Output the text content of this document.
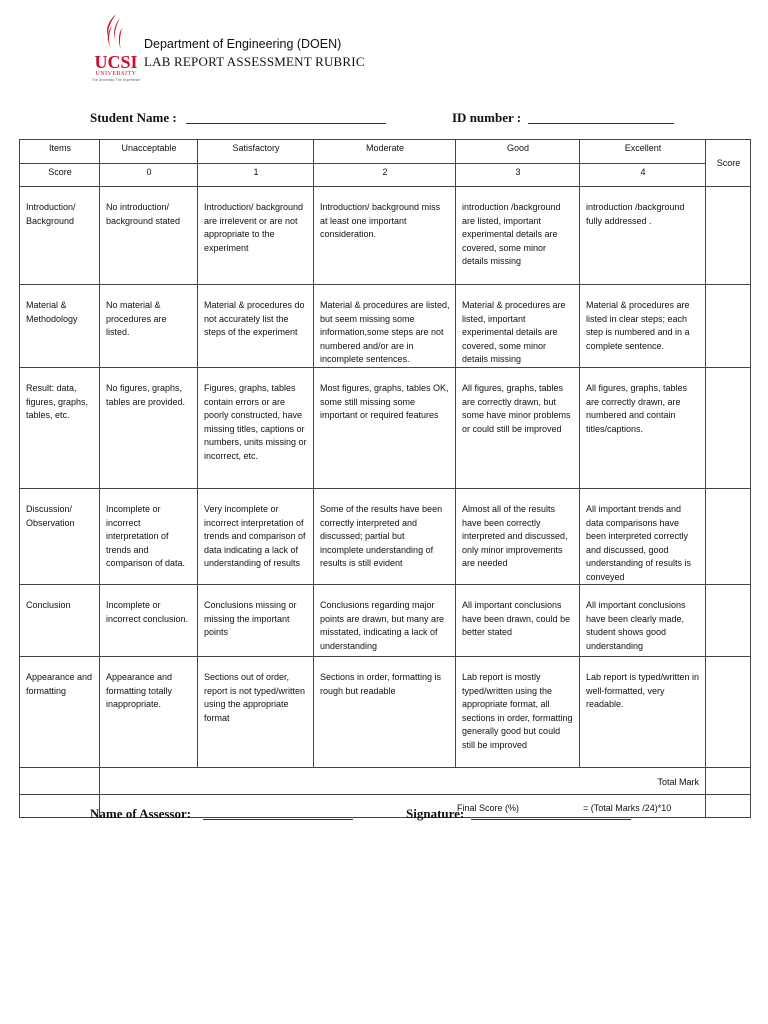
UCSI
UNIVERSITY
The University. The Experience
Department of Engineering (DOEN)
LAB REPORT ASSESSMENT RUBRIC
Student Name :	ID number :
Items	Unacceptable	Satisfactory	Moderate	Good	Excellent	Score
Score	0	1	2	3	4	
Introduction/ Background	No introduction/ background stated	Introduction/ background are irrelevent or are not appropriate to the experiment	Introduction/ background miss at least one important consideration.	introduction /background are listed, important experimental details are covered, some minor details missing	introduction /background fully addressed .	
Material & Methodology	No material & procedures are listed.	Material & procedures do not accurately list the steps of the experiment	Material & procedures are listed, but seem missing some information,some steps are not numbered and/or are in incomplete sentences.	Material & procedures are listed, important experimental details are covered, some minor details missing	Material & procedures are listed in clear steps; each step is numbered and in a complete sentence.	
Result: data, figures, graphs, tables, etc.	No figures, graphs, tables are provided.	Figures, graphs, tables contain errors or are poorly constructed, have missing titles, captions or numbers, units missing or incorrect, etc.	Most figures, graphs, tables OK, some still missing some important or required features	All figures, graphs, tables are correctly drawn, but some have minor problems or could still be improved	All figures, graphs, tables are correctly drawn, are numbered and contain titles/captions.	
Discussion/ Observation	Incomplete or incorrect interpretation of trends and comparison of data.	Very incomplete or incorrect interpretation of trends and comparison of data indicating a lack of understanding of results	Some of the results have been correctly interpreted and discussed; partial but incomplete understanding of results is still evident	Almost all of the results have been correctly interpreted and discussed, only minor improvements are needed	All important trends and data comparisons have been interpreted correctly and discussed, good understanding of results is conveyed	
Conclusion	Incomplete or incorrect conclusion.	Conclusions missing or missing the important points	Conclusions regarding major points are drawn, but many are misstated, indicating a lack of understanding	All important conclusions have been drawn, could be better stated	All important conclusions have been clearly made, student shows good understanding	
Appearance and formatting	Appearance and formatting totally inappropriate.	Sections out of order, report is not typed/written using the appropriate format	Sections in order, formatting is rough but readable	Lab report is mostly typed/written using the appropriate format, all sections in order, formatting generally good but could still be improved	Lab report is typed/written in well-formatted, very readable.	
	Total Mark					
	Final Score (%) = (Total Marks /24)*10					
Name of Assessor:	Signature:
